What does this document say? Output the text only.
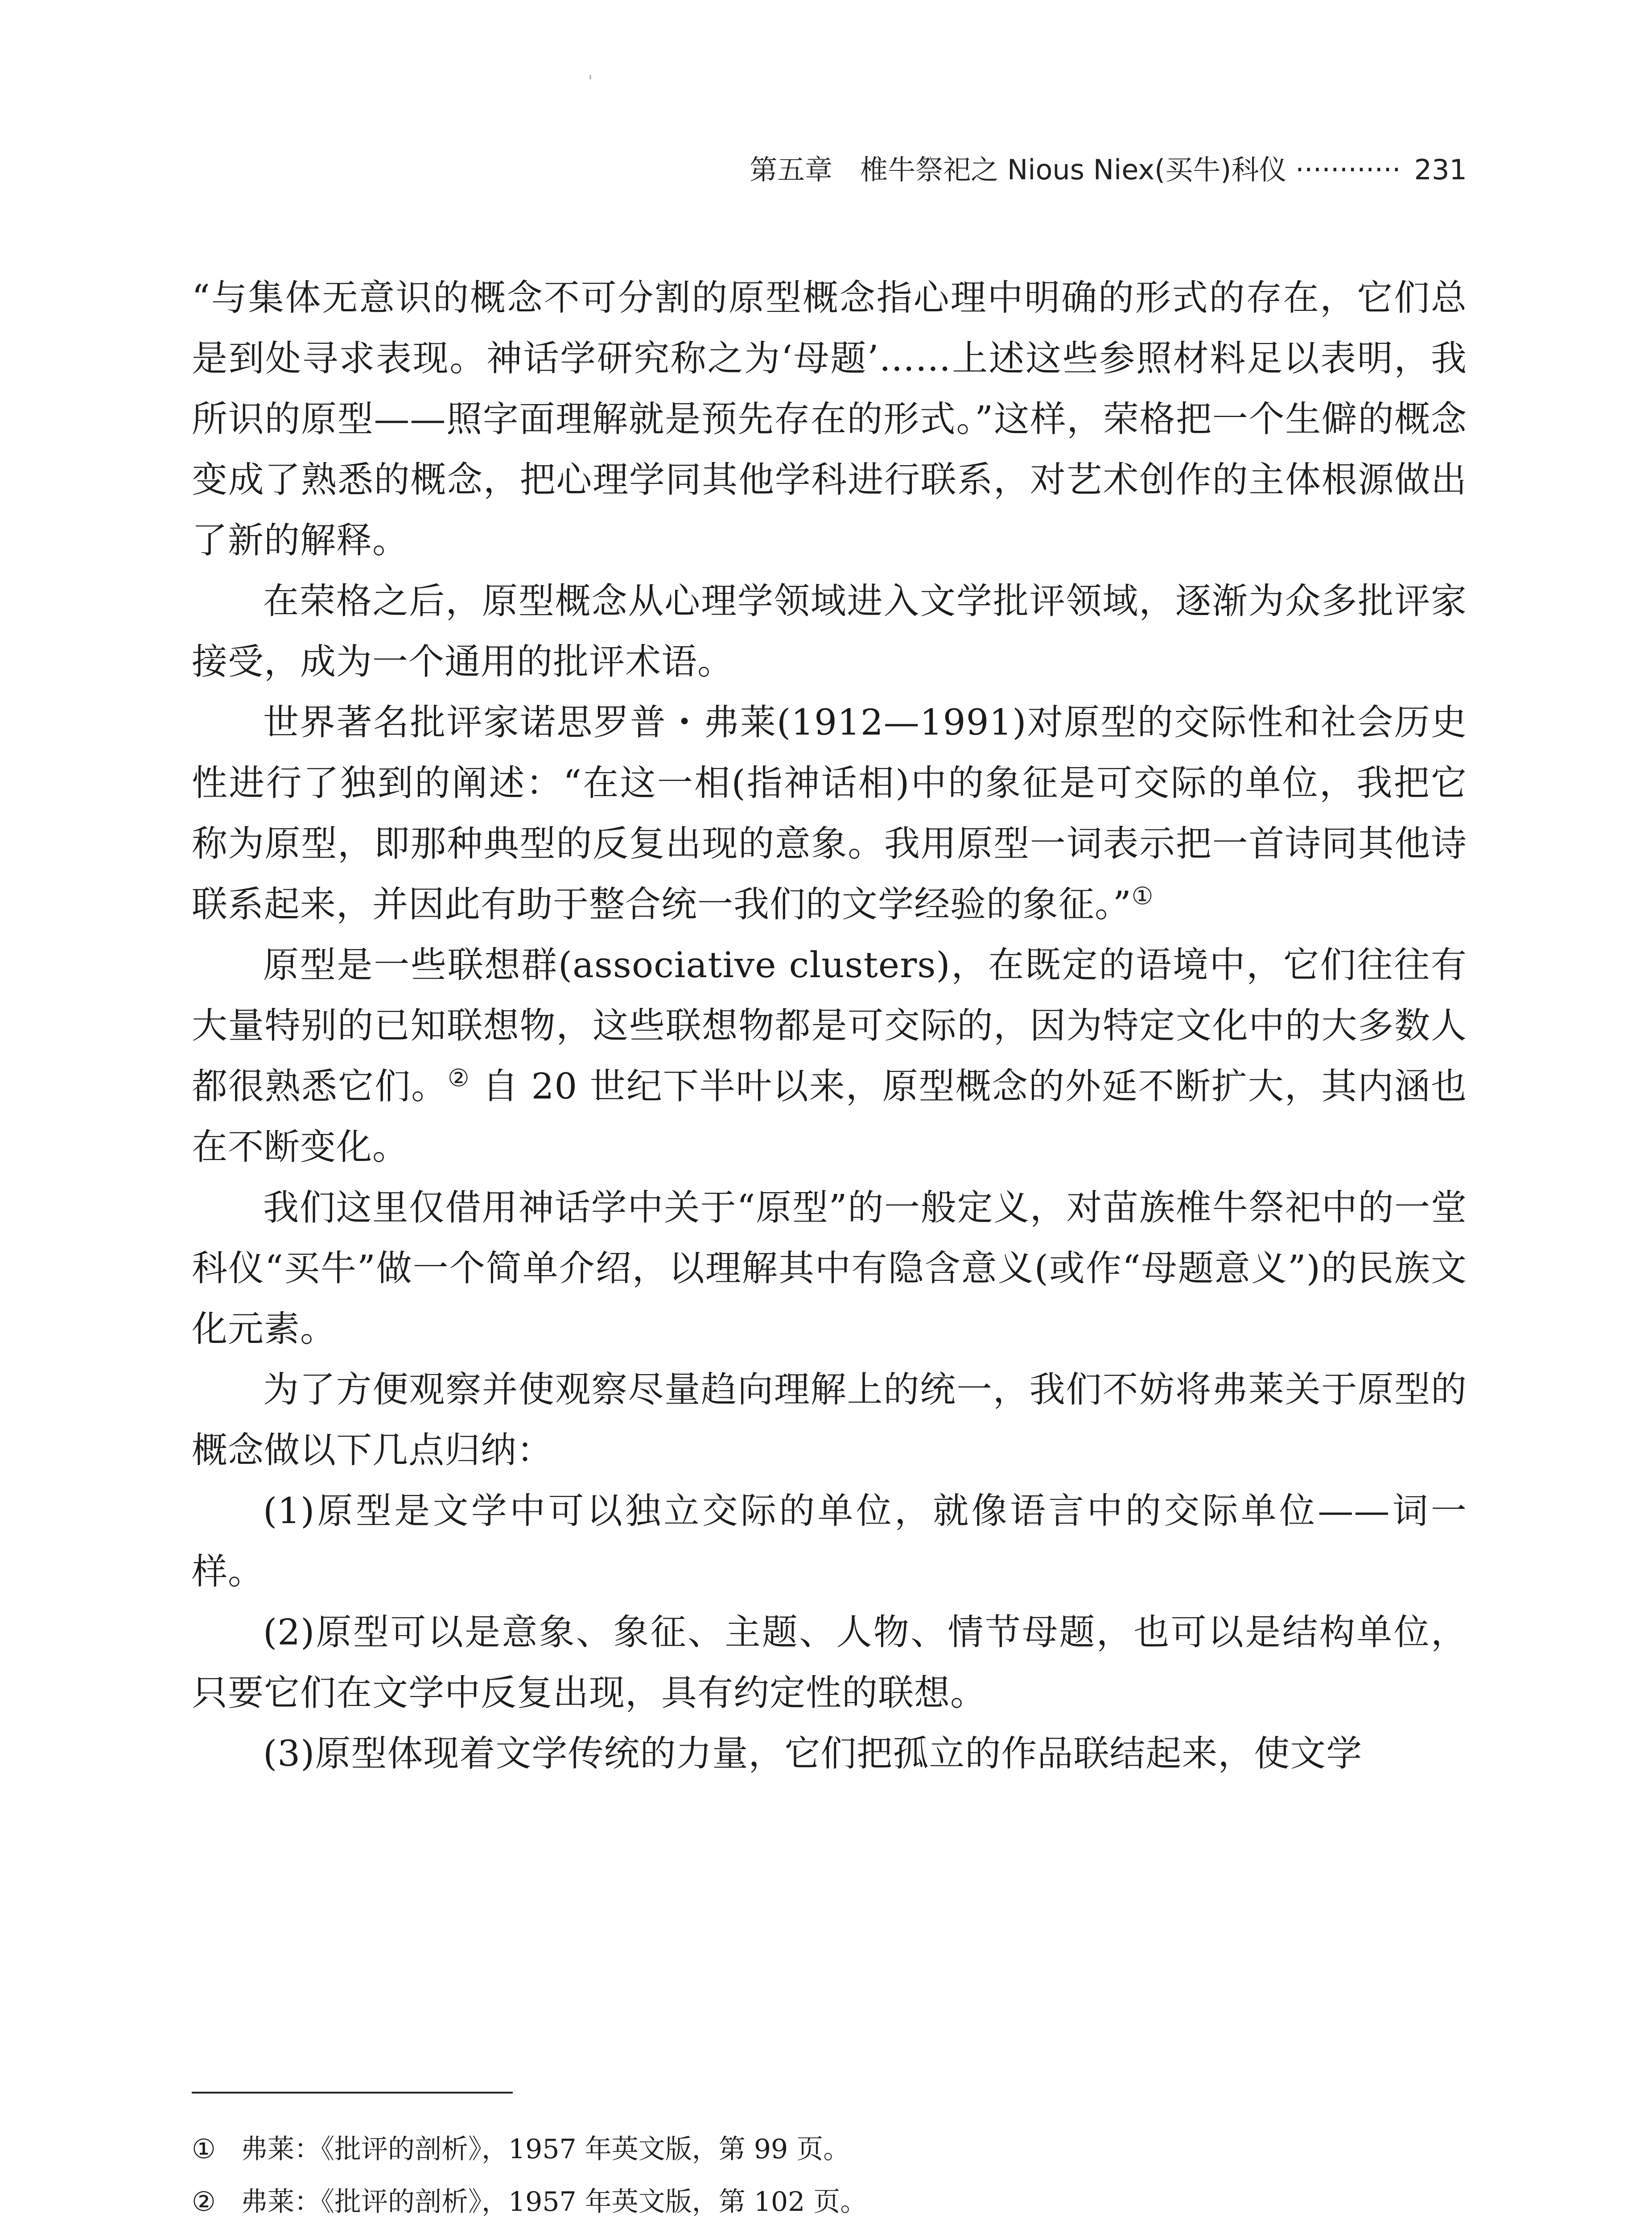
第五章　椎牛祭祀之 Nious Niex(买牛)科仪 ············ 231

“与集体无意识的概念不可分割的原型概念指心理中明确的形式的存在，它们总是到处寻求表现。神话学研究称之为‘母题’……上述这些参照材料足以表明，我所识的原型——照字面理解就是预先存在的形式。”这样，荣格把一个生僻的概念变成了熟悉的概念，把心理学同其他学科进行联系，对艺术创作的主体根源做出了新的解释。

在荣格之后，原型概念从心理学领域进入文学批评领域，逐渐为众多批评家接受，成为一个通用的批评术语。

世界著名批评家诺思罗普・弗莱(1912—1991)对原型的交际性和社会历史性进行了独到的阐述：“在这一相(指神话相)中的象征是可交际的单位，我把它称为原型，即那种典型的反复出现的意象。我用原型一词表示把一首诗同其他诗联系起来，并因此有助于整合统一我们的文学经验的象征。”①

原型是一些联想群(associative clusters)，在既定的语境中，它们往往有大量特别的已知联想物，这些联想物都是可交际的，因为特定文化中的大多数人都很熟悉它们。② 自 20 世纪下半叶以来，原型概念的外延不断扩大，其内涵也在不断变化。

我们这里仅借用神话学中关于“原型”的一般定义，对苗族椎牛祭祀中的一堂科仪“买牛”做一个简单介绍，以理解其中有隐含意义(或作“母题意义”)的民族文化元素。

为了方便观察并使观察尽量趋向理解上的统一，我们不妨将弗莱关于原型的概念做以下几点归纳：

(1)原型是文学中可以独立交际的单位，就像语言中的交际单位——词一样。

(2)原型可以是意象、象征、主题、人物、情节母题，也可以是结构单位，只要它们在文学中反复出现，具有约定性的联想。

(3)原型体现着文学传统的力量，它们把孤立的作品联结起来，使文学

① 弗莱：《批评的剖析》，1957 年英文版，第 99 页。

② 弗莱：《批评的剖析》，1957 年英文版，第 102 页。
